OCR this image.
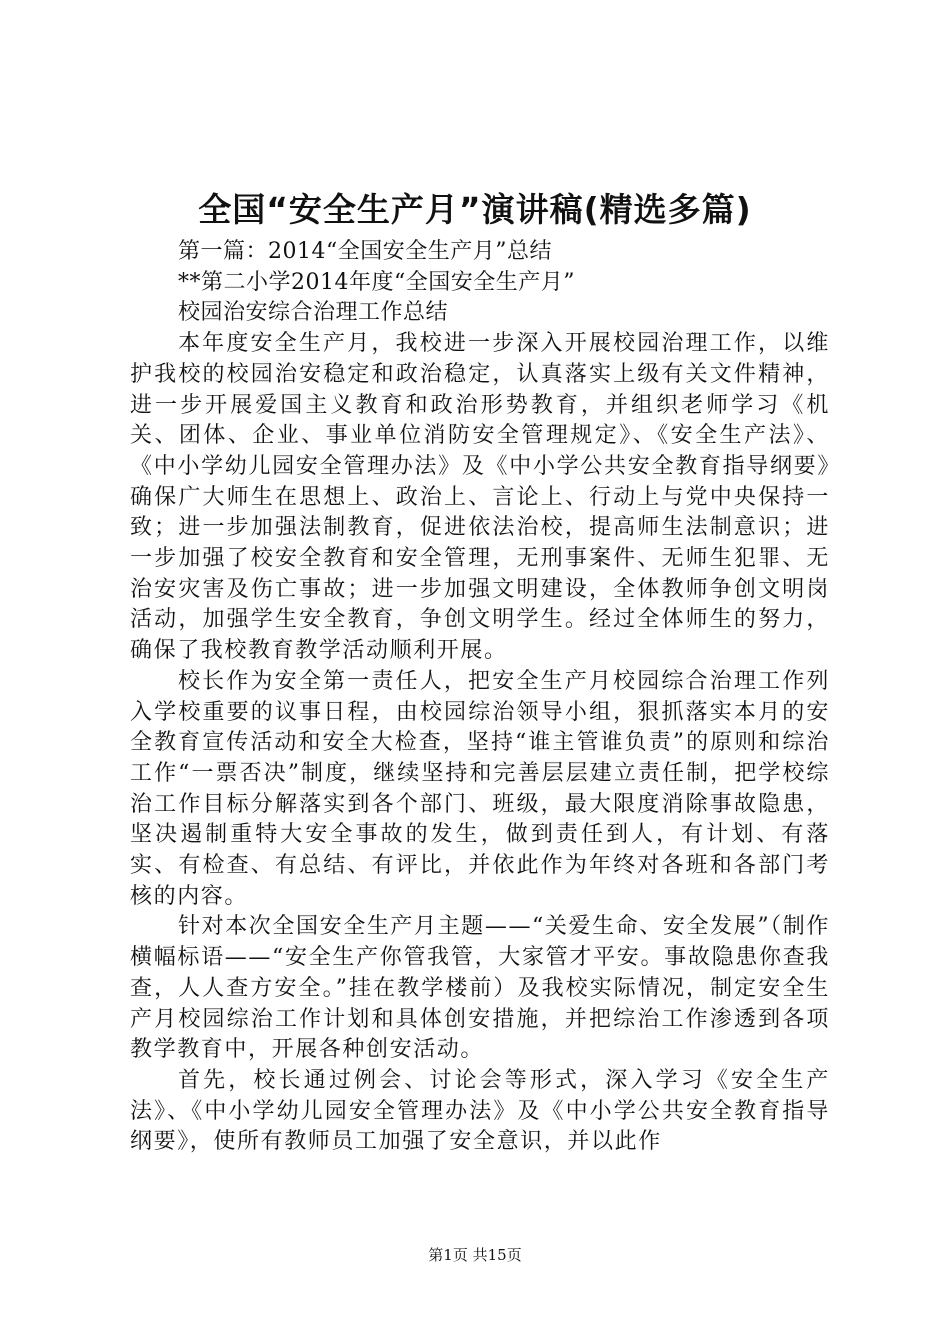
全国“安全生产月”演讲稿(精选多篇)

第一篇：2014“全国安全生产月”总结

**第二小学2014年度“全国安全生产月”

校园治安综合治理工作总结

本年度安全生产月，我校进一步深入开展校园治理工作，以维护我校的校园治安稳定和政治稳定，认真落实上级有关文件精神，进一步开展爱国主义教育和政治形势教育，并组织老师学习《机关、团体、企业、事业单位消防安全管理规定》、《安全生产法》、《中小学幼儿园安全管理办法》及《中小学公共安全教育指导纲要》确保广大师生在思想上、政治上、言论上、行动上与党中央保持一致；进一步加强法制教育，促进依法治校，提高师生法制意识；进一步加强了校安全教育和安全管理，无刑事案件、无师生犯罪、无治安灾害及伤亡事故；进一步加强文明建设，全体教师争创文明岗活动，加强学生安全教育，争创文明学生。经过全体师生的努力，确保了我校教育教学活动顺利开展。

校长作为安全第一责任人，把安全生产月校园综合治理工作列入学校重要的议事日程，由校园综治领导小组，狠抓落实本月的安全教育宣传活动和安全大检查，坚持“谁主管谁负责”的原则和综治工作“一票否决”制度，继续坚持和完善层层建立责任制，把学校综治工作目标分解落实到各个部门、班级，最大限度消除事故隐患，坚决遏制重特大安全事故的发生，做到责任到人，有计划、有落实、有检查、有总结、有评比，并依此作为年终对各班和各部门考核的内容。

针对本次全国安全生产月主题——“关爱生命、安全发展”（制作横幅标语——“安全生产你管我管，大家管才平安。事故隐患你查我查，人人查方安全。”挂在教学楼前）及我校实际情况，制定安全生产月校园综治工作计划和具体创安措施，并把综治工作渗透到各项教学教育中，开展各种创安活动。

首先，校长通过例会、讨论会等形式，深入学习《安全生产法》、《中小学幼儿园安全管理办法》及《中小学公共安全教育指导纲要》，使所有教师员工加强了安全意识，并以此作

第1页 共15页
